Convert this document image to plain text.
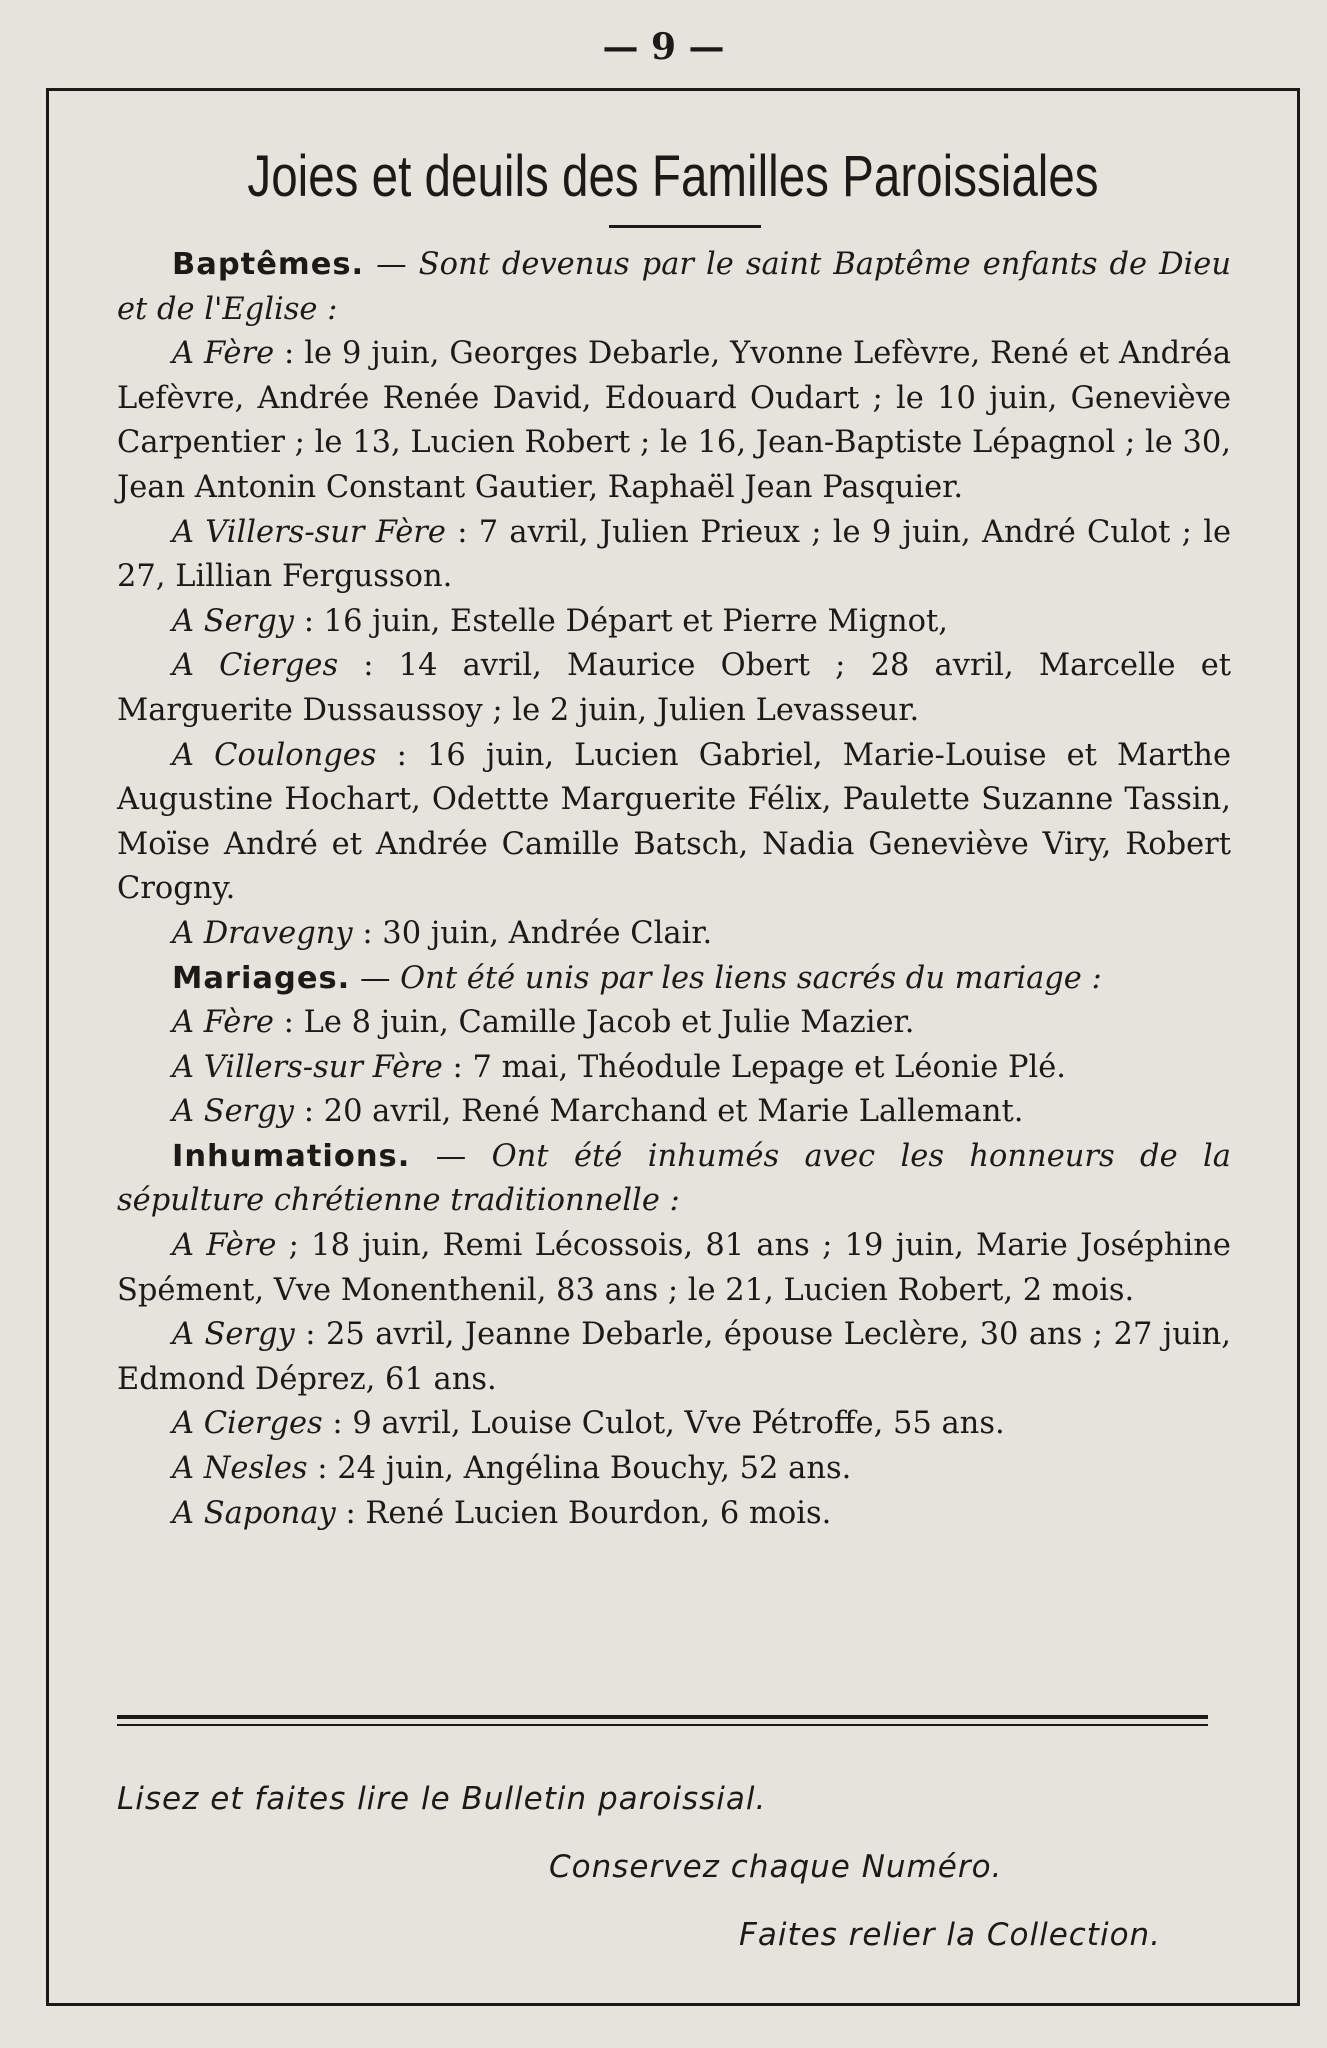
— 9 —
Joies et deuils des Familles Paroissiales

Baptêmes. — Sont devenus par le saint Baptême enfants de Dieu et de l'Eglise :

A Fère : le 9 juin, Georges Debarle, Yvonne Lefèvre, René et Andréa Lefèvre, Andrée Renée David, Edouard Oudart ; le 10 juin, Geneviève Carpentier ; le 13, Lucien Robert ; le 16, Jean-Baptiste Lépagnol ; le 30, Jean Antonin Constant Gautier, Raphaël Jean Pasquier.

A Villers-sur Fère : 7 avril, Julien Prieux ; le 9 juin, André Culot ; le 27, Lillian Fergusson.

A Sergy : 16 juin, Estelle Départ et Pierre Mignot,

A Cierges : 14 avril, Maurice Obert ; 28 avril, Marcelle et Marguerite Dussaussoy ; le 2 juin, Julien Levasseur.

A Coulonges : 16 juin, Lucien Gabriel, Marie-Louise et Marthe Augustine Hochart, Odettte Marguerite Félix, Paulette Suzanne Tassin, Moïse André et Andrée Camille Batsch, Nadia Geneviève Viry, Robert Crogny.

A Dravegny : 30 juin, Andrée Clair.

Mariages. — Ont été unis par les liens sacrés du mariage :

A Fère : Le 8 juin, Camille Jacob et Julie Mazier.

A Villers-sur Fère : 7 mai, Théodule Lepage et Léonie Plé.

A Sergy : 20 avril, René Marchand et Marie Lallemant.

Inhumations. — Ont été inhumés avec les honneurs de la sépulture chrétienne traditionnelle :

A Fère ; 18 juin, Remi Lécossois, 81 ans ; 19 juin, Marie Joséphine Spément, Vve Monenthenil, 83 ans ; le 21, Lucien Robert, 2 mois.

A Sergy : 25 avril, Jeanne Debarle, épouse Leclère, 30 ans ; 27 juin, Edmond Déprez, 61 ans.

A Cierges : 9 avril, Louise Culot, Vve Pétroffe, 55 ans.

A Nesles : 24 juin, Angélina Bouchy, 52 ans.

A Saponay : René Lucien Bourdon, 6 mois.

Lisez et faites lire le Bulletin paroissial.
Conservez chaque Numéro.
Faites relier la Collection.
